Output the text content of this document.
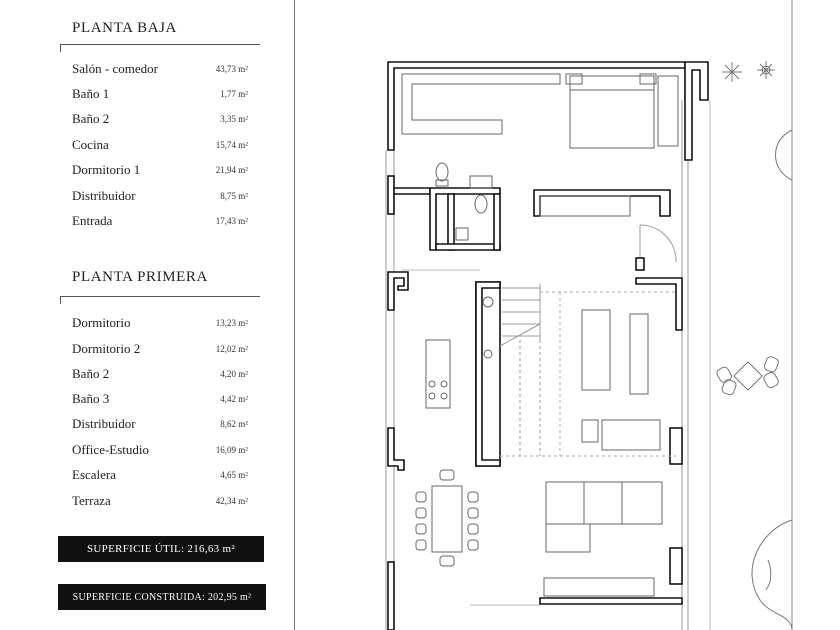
PLANTA BAJA
Salón - comedor	43,73 m²
Baño 1	1,77 m²
Baño 2	3,35 m²
Cocina	15,74 m²
Dormitorio 1	21,94 m²
Distribuidor	8,75 m²
Entrada	17,43 m²
PLANTA PRIMERA
Dormitorio	13,23 m²
Dormitorio 2	12,02 m²
Baño 2	4,20 m²
Baño 3	4,42 m²
Distribuidor	8,62 m²
Office-Estudio	16,09 m²
Escalera	4,65 m²
Terraza	42,34 m²
SUPERFICIE ÚTIL: 216,63 m²
SUPERFICIE CONSTRUIDA: 202,95 m²
